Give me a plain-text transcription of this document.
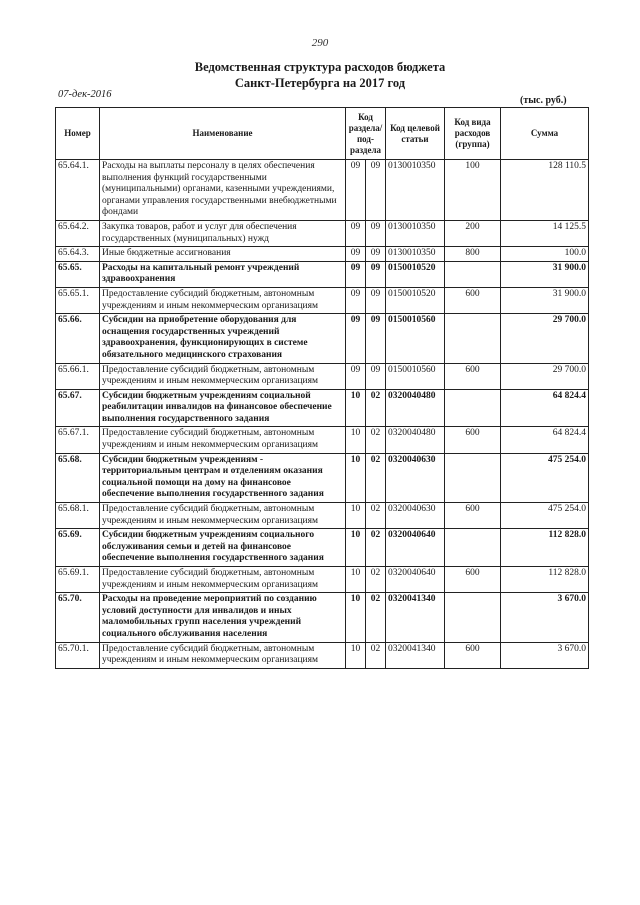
290
Ведомственная структура расходов бюджета
Санкт-Петербурга на 2017 год
07-дек-2016
(тыс. руб.)
Номер	Наименование	Код раздела/ под-раздела		Код целевой статьи	Код вида расходов (группа)	Сумма
65.64.1.	Расходы на выплаты персоналу в целях обеспечения выполнения функций государственными (муниципальными) органами, казенными учреждениями, органами управления государственными внебюджетными фондами	09	09	0130010350	100	128 110.5
65.64.2.	Закупка товаров, работ и услуг для обеспечения государственных (муниципальных) нужд	09	09	0130010350	200	14 125.5
65.64.3.	Иные бюджетные ассигнования	09	09	0130010350	800	100.0
65.65.	Расходы на капитальный ремонт учреждений здравоохранения	09	09	0150010520		31 900.0
65.65.1.	Предоставление субсидий бюджетным, автономным учреждениям и иным некоммерческим организациям	09	09	0150010520	600	31 900.0
65.66.	Субсидии на приобретение оборудования для оснащения государственных учреждений здравоохранения, функционирующих в системе обязательного медицинского страхования	09	09	0150010560		29 700.0
65.66.1.	Предоставление субсидий бюджетным, автономным учреждениям и иным некоммерческим организациям	09	09	0150010560	600	29 700.0
65.67.	Субсидии бюджетным учреждениям социальной реабилитации инвалидов на финансовое обеспечение выполнения государственного задания	10	02	0320040480		64 824.4
65.67.1.	Предоставление субсидий бюджетным, автономным учреждениям и иным некоммерческим организациям	10	02	0320040480	600	64 824.4
65.68.	Субсидии бюджетным учреждениям - территориальным центрам и отделениям оказания социальной помощи на дому на финансовое обеспечение выполнения государственного задания	10	02	0320040630		475 254.0
65.68.1.	Предоставление субсидий бюджетным, автономным учреждениям и иным некоммерческим организациям	10	02	0320040630	600	475 254.0
65.69.	Субсидии бюджетным учреждениям социального обслуживания семьи и детей на финансовое обеспечение выполнения государственного задания	10	02	0320040640		112 828.0
65.69.1.	Предоставление субсидий бюджетным, автономным учреждениям и иным некоммерческим организациям	10	02	0320040640	600	112 828.0
65.70.	Расходы на проведение мероприятий по созданию условий доступности для инвалидов и иных маломобильных групп населения учреждений социального обслуживания населения	10	02	0320041340		3 670.0
65.70.1.	Предоставление субсидий бюджетным, автономным учреждениям и иным некоммерческим организациям	10	02	0320041340	600	3 670.0
